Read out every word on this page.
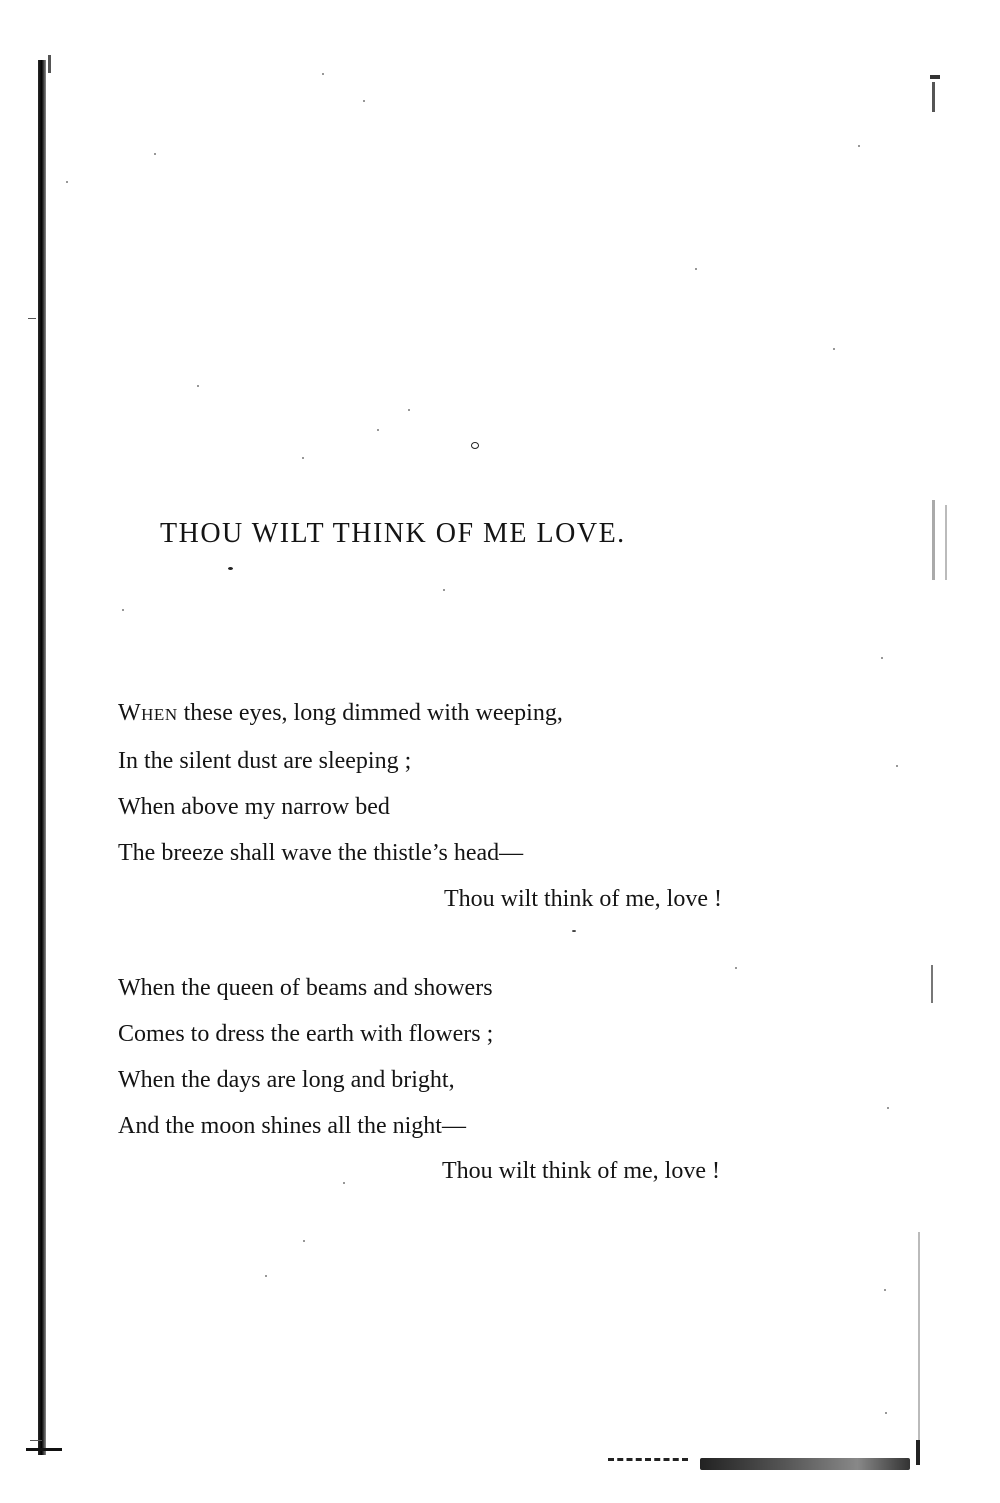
THOU WILT THINK OF ME LOVE.
When these eyes, long dimmed with weeping,
In the silent dust are sleeping ;
When above my narrow bed
The breeze shall wave the thistle’s head—
Thou wilt think of me, love !
When the queen of beams and showers
Comes to dress the earth with flowers ;
When the days are long and bright,
And the moon shines all the night—
Thou wilt think of me, love !
